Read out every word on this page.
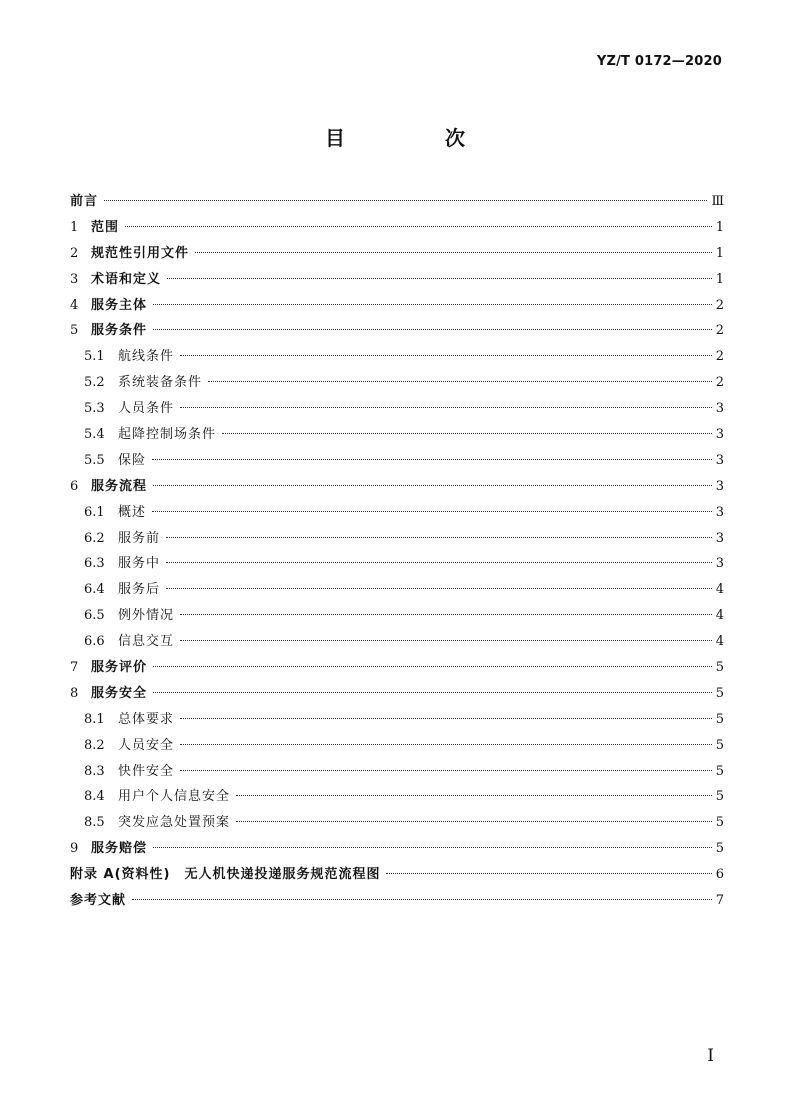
YZ/T 0172—2020
目　次
前言	Ⅲ
1 范围	1
2 规范性引用文件	1
3 术语和定义	1
4 服务主体	2
5 服务条件	2
5.1	航线条件	2
5.2	系统装备条件	2
5.3	人员条件	3
5.4	起降控制场条件	3
5.5	保险	3
6 服务流程	3
6.1	概述	3
6.2	服务前	3
6.3	服务中	3
6.4	服务后	4
6.5	例外情况	4
6.6	信息交互	4
7 服务评价	5
8 服务安全	5
8.1	总体要求	5
8.2	人员安全	5
8.3	快件安全	5
8.4	用户个人信息安全	5
8.5	突发应急处置预案	5
9 服务赔偿	5
附录 A(资料性)　无人机快递投递服务规范流程图	6
参考文献	7
I
